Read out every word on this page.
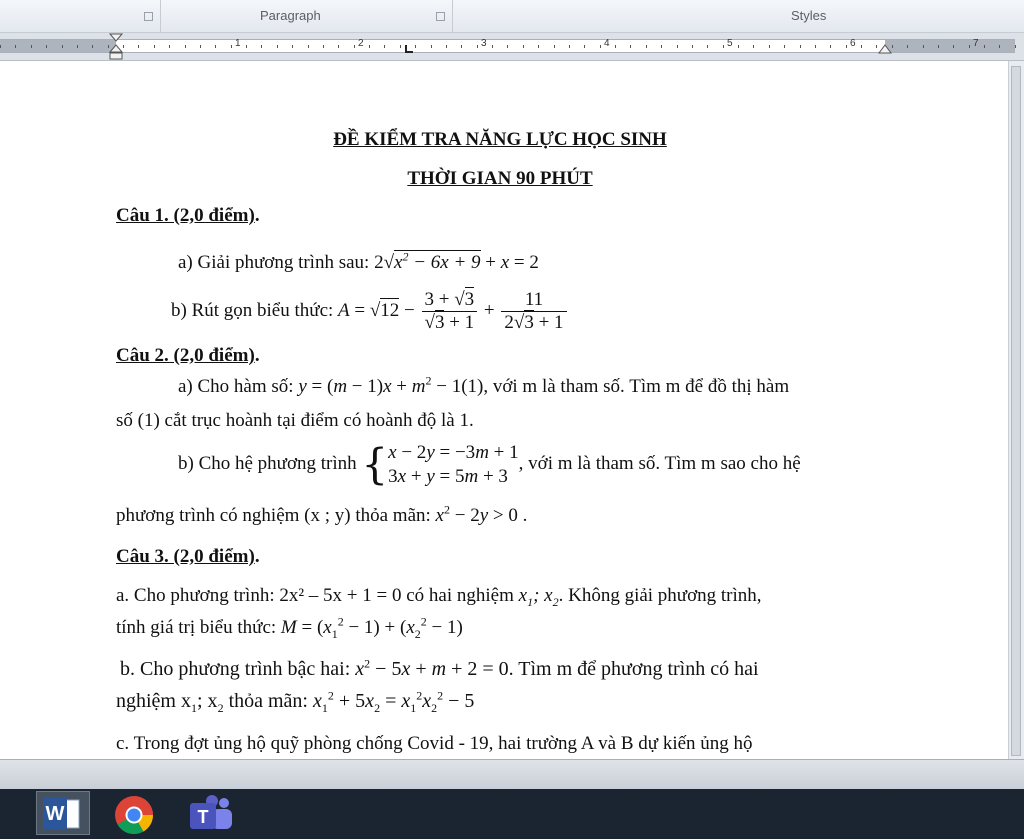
Paragraph	Styles
1	2	3	4	5	6	7
ĐỀ KIỂM TRA NĂNG LỰC HỌC SINH
THỜI GIAN 90 PHÚT
Câu 1. (2,0 điểm).
a) Giải phương trình sau: $2√x^2 - 6x + 9 + x = 2$
b) Rút gọn biểu thức: $A = √12 - \frac{3 + √3}{√3 + 1} + \frac{11}{2√3 + 1}$
Câu 2. (2,0 điểm).
a) Cho hàm số: $y = (m - 1)x + m^2 - 1(1)$, với m là tham số. Tìm m để đồ thị hàm
số (1) cắt trục hoành tại điểm có hoành độ là 1.
b) Cho hệ phương trình { x − 2y = −3m + 1
3x + y = 5m + 3
, với m là tham số. Tìm m sao cho hệ
phương trình có nghiệm (x ; y) thỏa mãn: $x^2 - 2y > 0$ .
Câu 3. (2,0 điểm).
a. Cho phương trình: 2x² – 5x + 1 = 0 có hai nghiệm $x_1$; $x_2$. Không giải phương trình,
tính giá trị biểu thức: $M = (x_1^2 - 1) + (x_2^2 - 1)$
b. Cho phương trình bậc hai: $x^2 - 5x + m + 2 = 0$. Tìm m để phương trình có hai
nghiệm $x_1$; $x_2$ thỏa mãn: $x_1^2 + 5x_2 = x_1^2x_2^2 - 5$
c. Trong đợt ủng hộ quỹ phòng chống Covid - 19, hai trường A và B dự kiến ủng hộ
W	T
